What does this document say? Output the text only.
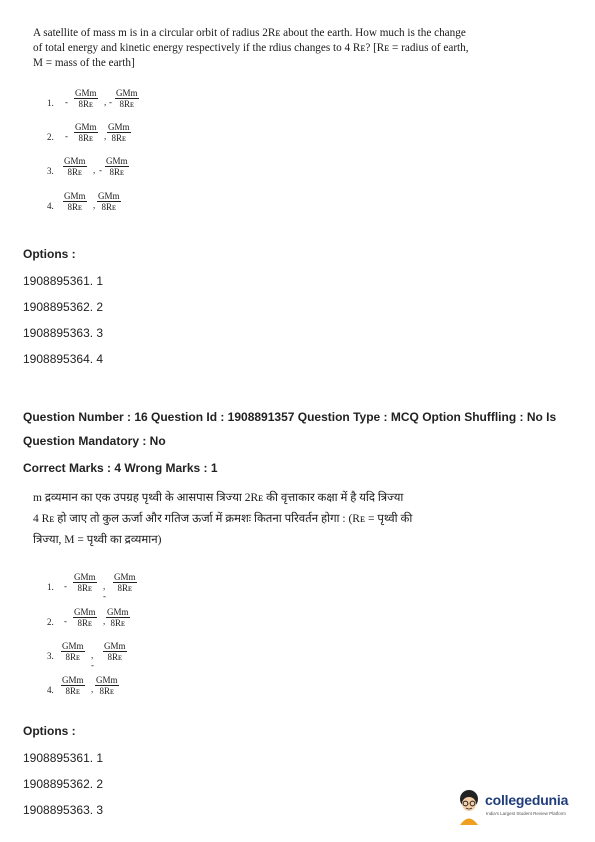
A satellite of mass m is in a circular orbit of radius 2Rᴇ about the earth. How much is the change
of total energy and kinetic energy respectively if the rdius changes to 4 Rᴇ? [Rᴇ = radius of earth,
M = mass of the earth]
1. -
GMm
8Rᴇ	, -
GMm
8Rᴇ
2. -
GMm
8Rᴇ	,
GMm
8Rᴇ
3.
GMm
8Rᴇ	, -
GMm
8Rᴇ
4.
GMm
8Rᴇ	,
GMm
8Rᴇ
Options :
1908895361. 1
1908895362. 2
1908895363. 3
1908895364. 4
Question Number : 16 Question Id : 1908891357 Question Type : MCQ Option Shuffling : No Is
Question Mandatory : No
Correct Marks : 4 Wrong Marks : 1
m द्रव्यमान का एक उपग्रह पृथ्वी के आसपास त्रिज्या 2Rᴇ की वृत्ताकार कक्षा में है यदि त्रिज्या
4 Rᴇ हो जाए तो कुल ऊर्जा और गतिज ऊर्जा में क्रमशः कितना परिवर्तन होगा : (Rᴇ = पृथ्वी की
त्रिज्या, M = पृथ्वी का द्रव्यमान)
1. -
GMm
8Rᴇ	, -
GMm
8Rᴇ
2. -
GMm
8Rᴇ	,
GMm
8Rᴇ
3.
GMm
8Rᴇ	, -
GMm
8Rᴇ
4.
GMm
8Rᴇ	,
GMm
8Rᴇ
Options :
1908895361. 1
1908895362. 2
1908895363. 3
collegedunia
India's Largest Student Review Platform
